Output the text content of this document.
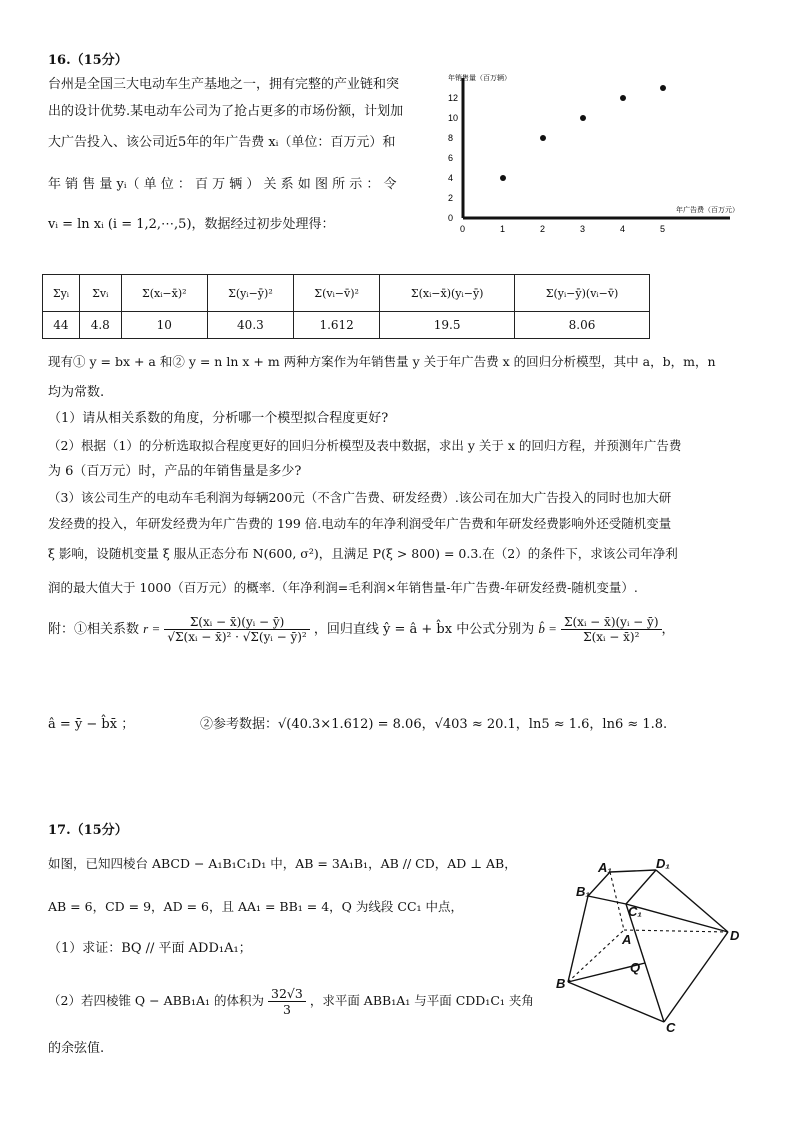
16.（15分）
台州是全国三大电动车生产基地之一，拥有完整的产业链和突
出的设计优势.某电动车公司为了抢占更多的市场份额，计划加
大广告投入、该公司近5年的年广告费 xᵢ（单位：百万元）和
年 销 售 量 yᵢ（ 单 位 ： 百 万 辆 ） 关 系 如 图 所 示 ： 令
vᵢ = ln xᵢ (i = 1,2,⋯,5)，数据经过初步处理得：
年销售量（百万辆）
年广告费（百万元）
0	1	2	3	4	5
0
2
4
6
8
10
12
Σyᵢ	Σvᵢ	Σ(xᵢ−x̄)²	Σ(yᵢ−ȳ)²	Σ(vᵢ−v̄)²	Σ(xᵢ−x̄)(yᵢ−ȳ)	Σ(yᵢ−ȳ)(vᵢ−v̄)
44	4.8	10	40.3	1.612	19.5	8.06
现有① y = bx + a 和② y = n ln x + m 两种方案作为年销售量 y 关于年广告费 x 的回归分析模型，其中 a，b，m，n
均为常数.
（1）请从相关系数的角度，分析哪一个模型拟合程度更好?
（2）根据（1）的分析选取拟合程度更好的回归分析模型及表中数据，求出 y 关于 x 的回归方程，并预测年广告费
为 6（百万元）时，产品的年销售量是多少?
（3）该公司生产的电动车毛利润为每辆200元（不含广告费、研发经费）.该公司在加大广告投入的同时也加大研
发经费的投入，年研发经费为年广告费的 199 倍.电动车的年净利润受年广告费和年研发经费影响外还受随机变量
ξ 影响，设随机变量 ξ 服从正态分布 N(600, σ²)，且满足 P(ξ > 800) = 0.3.在（2）的条件下，求该公司年净利
润的最大值大于 1000（百万元）的概率.（年净利润=毛利润×年销售量-年广告费-年研发经费-随机变量）.
附：①相关系数 $r = \frac{\text{Σ(xᵢ − x̄)(yᵢ − ȳ)}}{\text{√Σ(xᵢ − x̄)² · √Σ(yᵢ − ȳ)²}}$ ，回归直线 ŷ = â + b̂x 中公式分别为 b̂ = $\frac{\text{Σ(xᵢ − x̄)(yᵢ − ȳ)}}{\text{Σ(xᵢ − x̄)²}}$ ，
â = ȳ − b̂x̄ ；	②参考数据：√(40.3×1.612) = 8.06，√403 ≈ 20.1，ln5 ≈ 1.6，ln6 ≈ 1.8.
17.（15分）
如图，已知四棱台 ABCD − A₁B₁C₁D₁ 中，AB = 3A₁B₁，AB // CD，AD ⊥ AB，
AB = 6，CD = 9，AD = 6，且 AA₁ = BB₁ = 4，Q 为线段 CC₁ 中点，
（1）求证：BQ // 平面 ADD₁A₁；
（2）若四棱锥 Q − ABB₁A₁ 的体积为 $\frac{32√3}{3}$ ，求平面 ABB₁A₁ 与平面 CDD₁C₁ 夹角
的余弦值.
A₁	D₁
B₁
C₁
A	D
Q
B
C
